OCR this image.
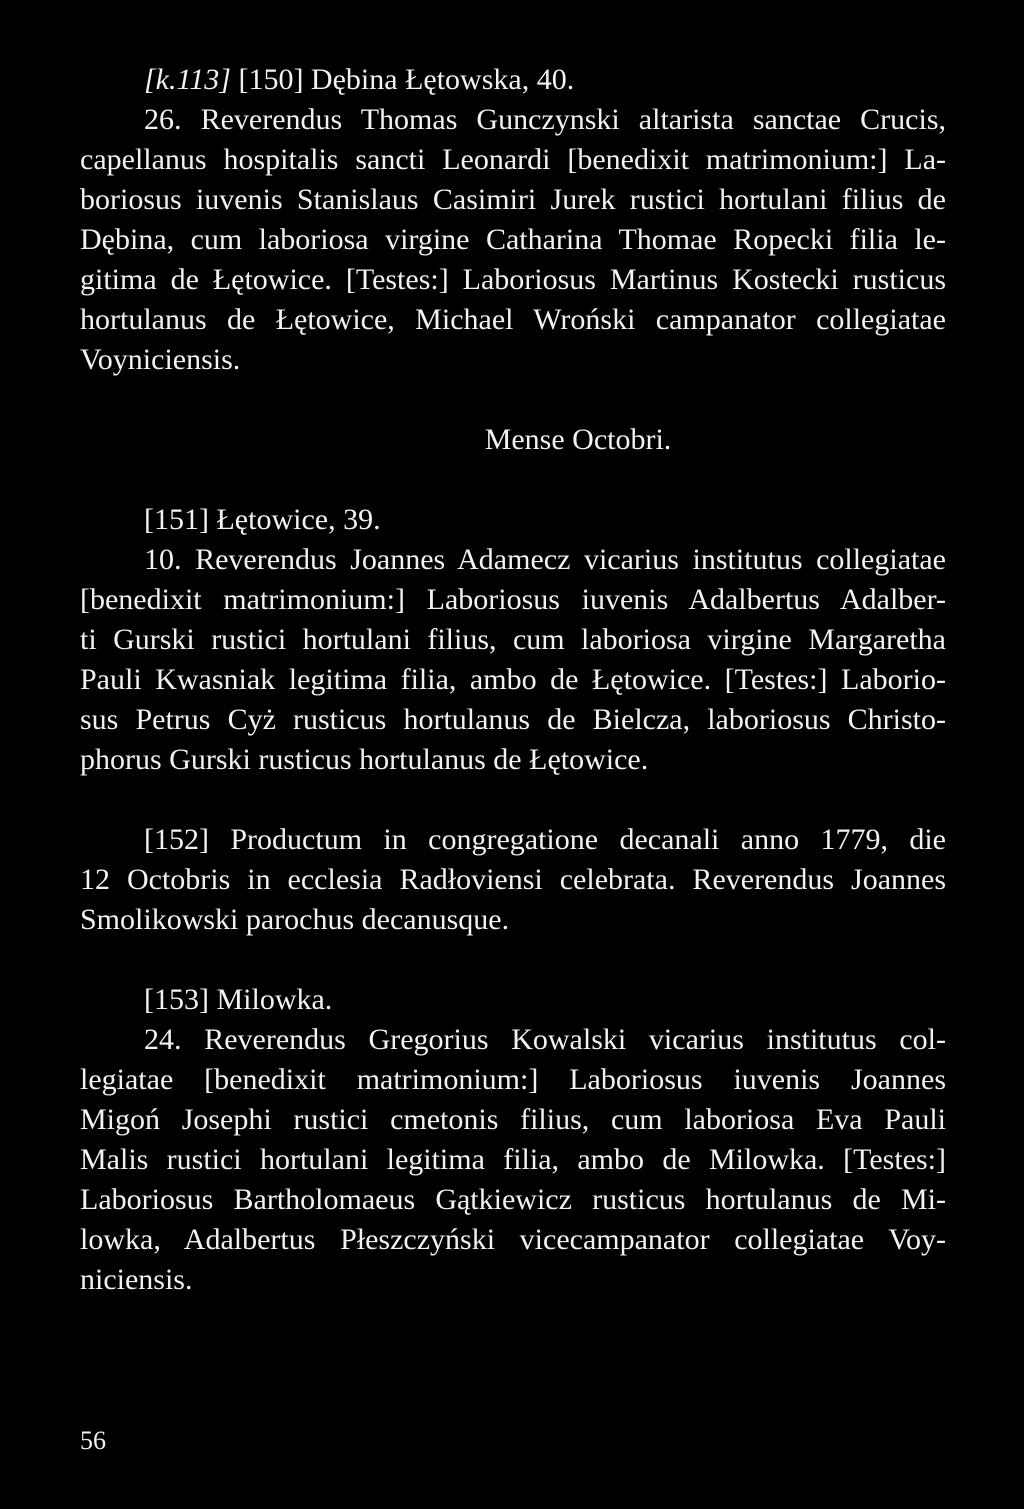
[k.113] [150] Dębina Łętowska, 40.
26. Reverendus Thomas Gunczynski altarista sanctae Crucis,
capellanus hospitalis sancti Leonardi [benedixit matrimonium:] La-
boriosus iuvenis Stanislaus Casimiri Jurek rustici hortulani filius de
Dębina, cum laboriosa virgine Catharina Thomae Ropecki filia le-
gitima de Łętowice. [Testes:] Laboriosus Martinus Kostecki rusticus
hortulanus de Łętowice, Michael Wroński campanator collegiatae
Voyniciensis.
Mense Octobri.
[151] Łętowice, 39.
10. Reverendus Joannes Adamecz vicarius institutus collegiatae
[benedixit matrimonium:] Laboriosus iuvenis Adalbertus Adalber-
ti Gurski rustici hortulani filius, cum laboriosa virgine Margaretha
Pauli Kwasniak legitima filia, ambo de Łętowice. [Testes:] Laborio-
sus Petrus Cyż rusticus hortulanus de Bielcza, laboriosus Christo-
phorus Gurski rusticus hortulanus de Łętowice.
[152] Productum in congregatione decanali anno 1779, die
12 Octobris in ecclesia Radłoviensi celebrata. Reverendus Joannes
Smolikowski parochus decanusque.
[153] Milowka.
24. Reverendus Gregorius Kowalski vicarius institutus col-
legiatae [benedixit matrimonium:] Laboriosus iuvenis Joannes
Migoń Josephi rustici cmetonis filius, cum laboriosa Eva Pauli
Malis rustici hortulani legitima filia, ambo de Milowka. [Testes:]
Laboriosus Bartholomaeus Gątkiewicz rusticus hortulanus de Mi-
lowka, Adalbertus Płeszczyński vicecampanator collegiatae Voy-
niciensis.
56
